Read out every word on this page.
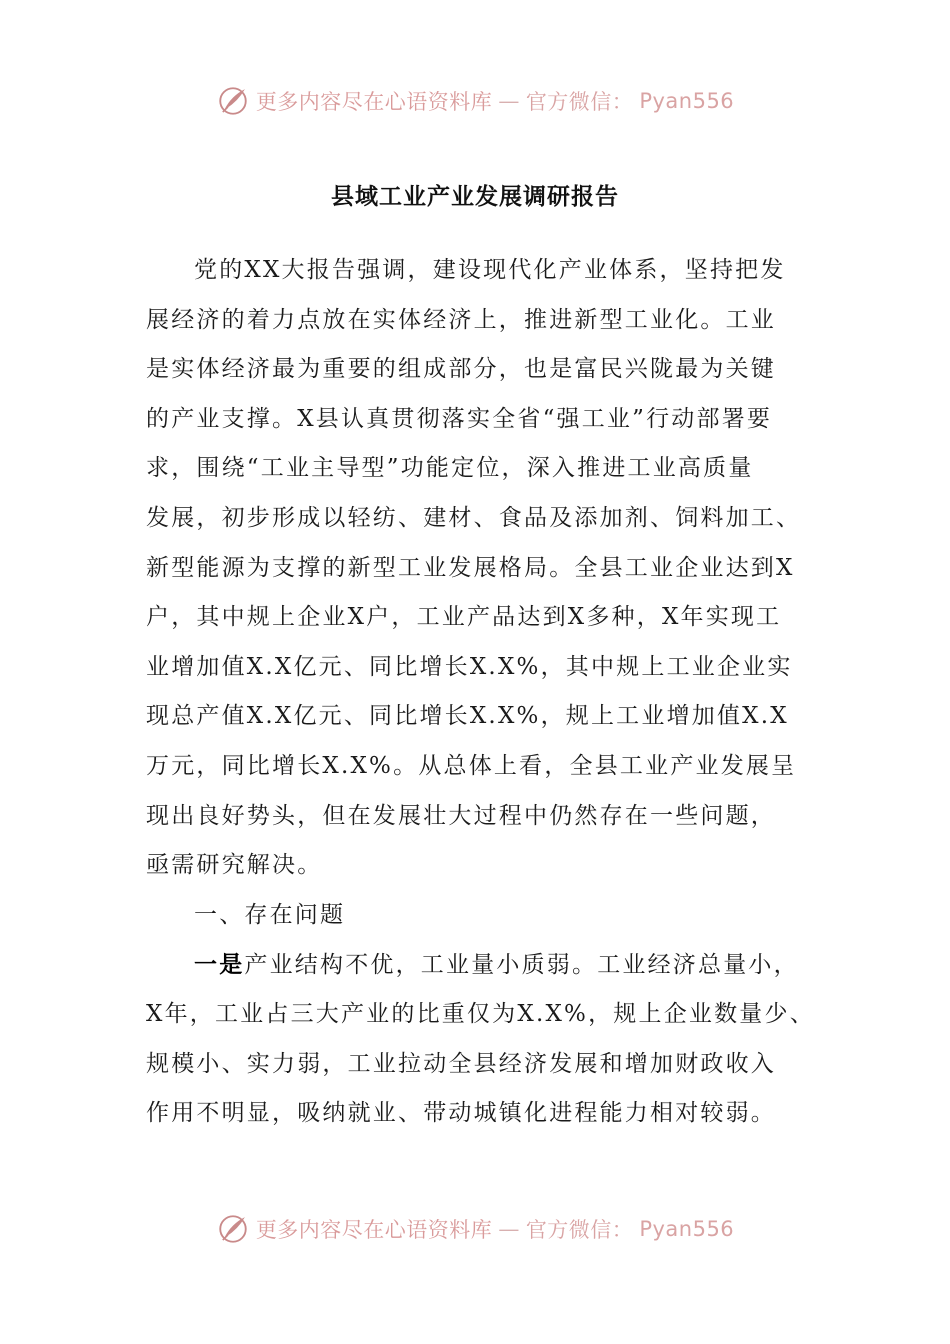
更多内容尽在心语资料库 — 官方微信： Pyan556
县域工业产业发展调研报告
党的XX大报告强调，建设现代化产业体系，坚持把发
展经济的着力点放在实体经济上，推进新型工业化。工业
是实体经济最为重要的组成部分，也是富民兴陇最为关键
的产业支撑。X县认真贯彻落实全省“强工业”行动部署要
求，围绕“工业主导型”功能定位，深入推进工业高质量
发展，初步形成以轻纺、建材、食品及添加剂、饲料加工、
新型能源为支撑的新型工业发展格局。全县工业企业达到X
户，其中规上企业X户，工业产品达到X多种，X年实现工
业增加值X.X亿元、同比增长X.X%，其中规上工业企业实
现总产值X.X亿元、同比增长X.X%，规上工业增加值X.X
万元，同比增长X.X%。从总体上看，全县工业产业发展呈
现出良好势头，但在发展壮大过程中仍然存在一些问题，
亟需研究解决。
一、存在问题
一是产业结构不优，工业量小质弱。工业经济总量小，
X年，工业占三大产业的比重仅为X.X%，规上企业数量少、
规模小、实力弱，工业拉动全县经济发展和增加财政收入
作用不明显，吸纳就业、带动城镇化进程能力相对较弱。
更多内容尽在心语资料库 — 官方微信： Pyan556
